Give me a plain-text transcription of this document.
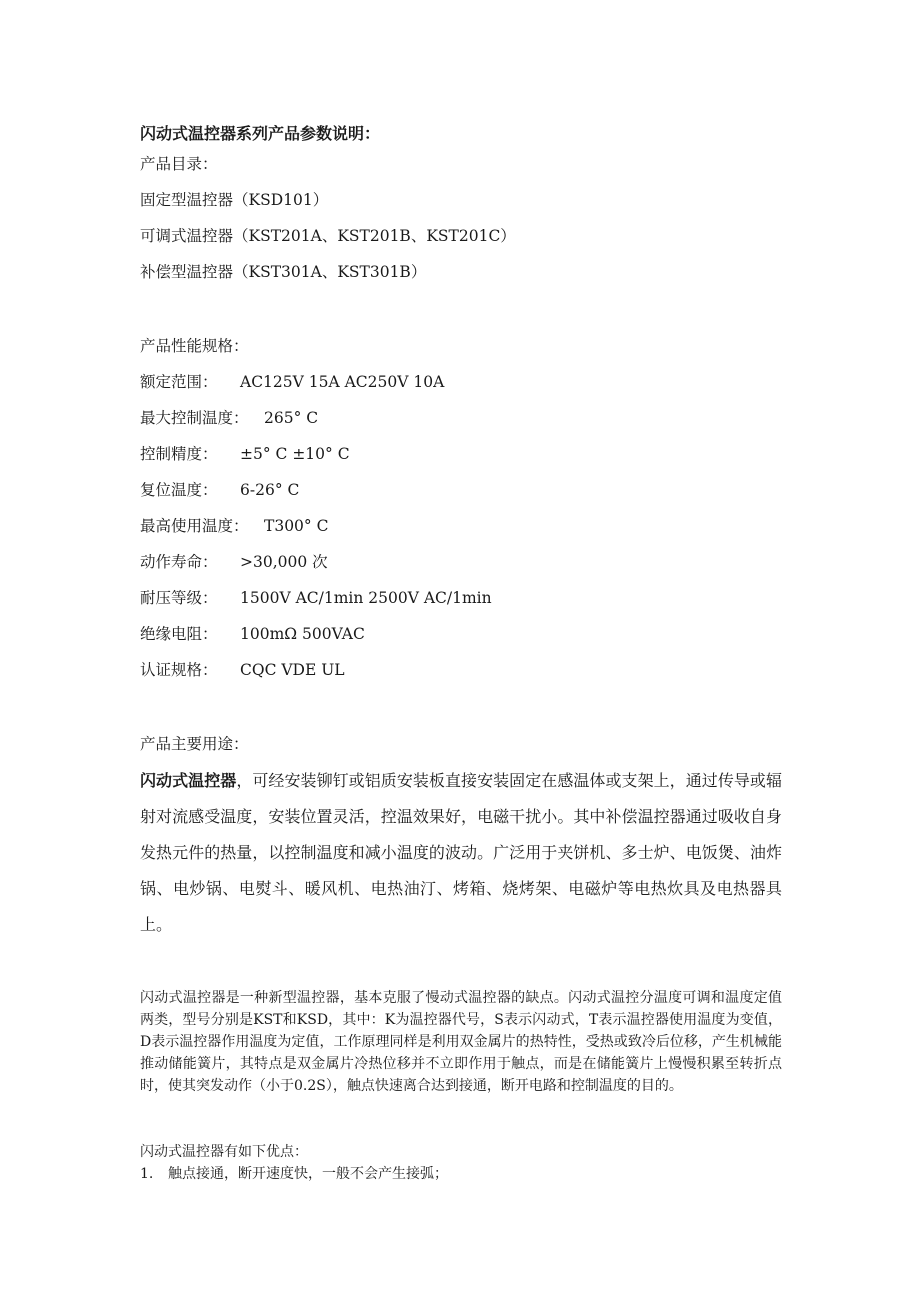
闪动式温控器系列产品参数说明：
产品目录：
固定型温控器（KSD101）
可调式温控器（KST201A、KST201B、KST201C）
补偿型温控器（KST301A、KST301B）
产品性能规格：
额定范围： AC125V 15A AC250V 10A
最大控制温度： 265° C
控制精度： ±5° C ±10° C
复位温度： 6-26° C
最高使用温度： T300° C
动作寿命： >30,000 次
耐压等级： 1500V AC/1min 2500V AC/1min
绝缘电阻： 100mΩ 500VAC
认证规格： CQC VDE UL
产品主要用途：
闪动式温控器，可经安装铆钉或铝质安装板直接安装固定在感温体或支架上，通过传导或辐射对流感受温度，安装位置灵活，控温效果好，电磁干扰小。其中补偿温控器通过吸收自身发热元件的热量，以控制温度和减小温度的波动。广泛用于夹饼机、多士炉、电饭煲、油炸锅、电炒锅、电熨斗、暖风机、电热油汀、烤箱、烧烤架、电磁炉等电热炊具及电热器具上。
闪动式温控器是一种新型温控器，基本克服了慢动式温控器的缺点。闪动式温控分温度可调和温度定值两类，型号分别是KST和KSD，其中：K为温控器代号，S表示闪动式，T表示温控器使用温度为变值，D表示温控器作用温度为定值，工作原理同样是利用双金属片的热特性，受热或致冷后位移，产生机械能推动储能簧片，其特点是双金属片冷热位移并不立即作用于触点，而是在储能簧片上慢慢积累至转折点时，使其突发动作（小于0.2S），触点快速离合达到接通，断开电路和控制温度的目的。
闪动式温控器有如下优点：
1. 触点接通，断开速度快，一般不会产生接弧；
